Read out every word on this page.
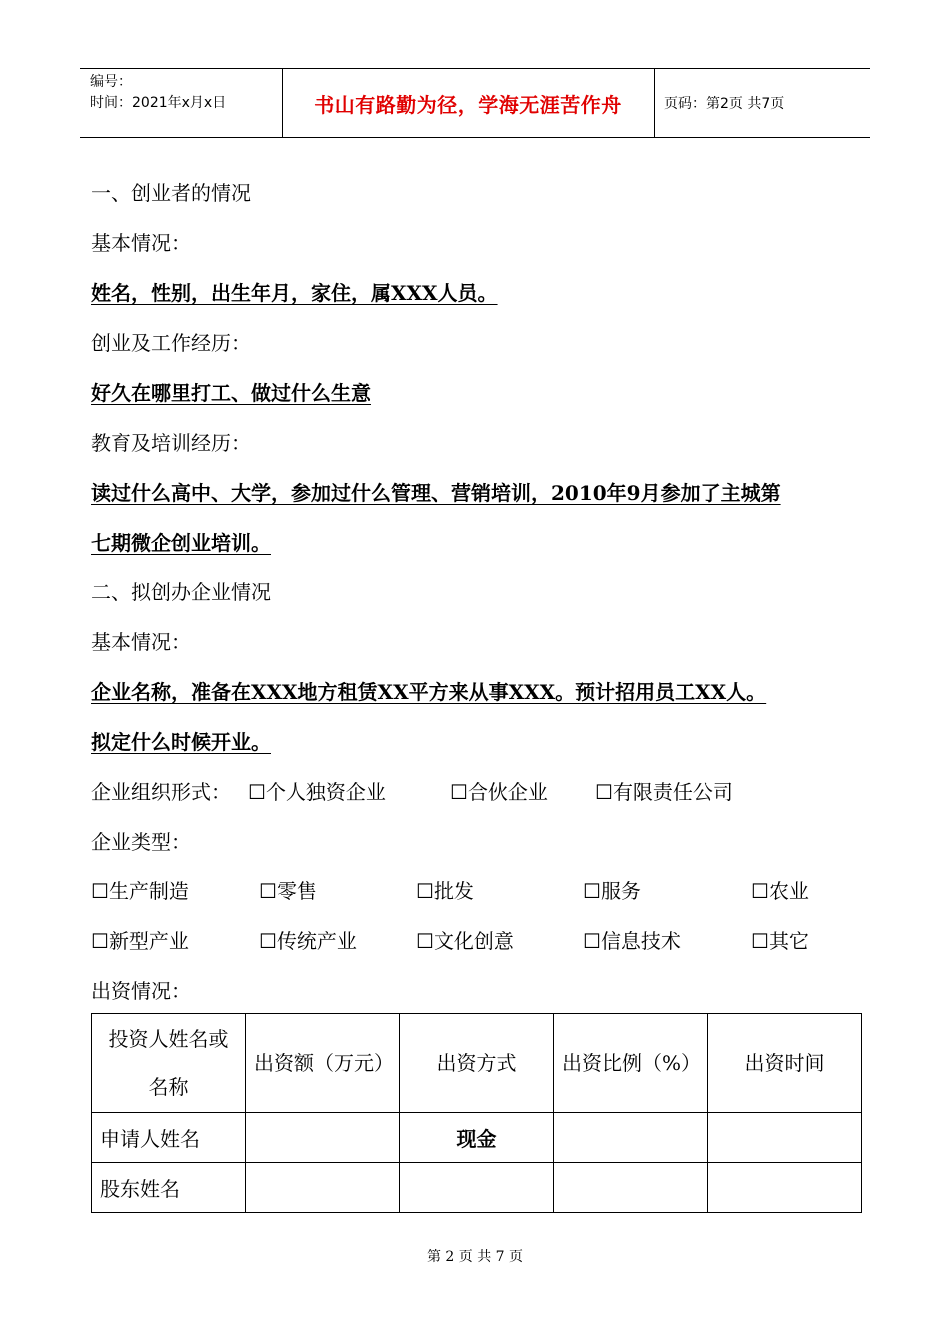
编号：
时间：2021年x月x日	书山有路勤为径，学海无涯苦作舟	页码：第2页 共7页
一、创业者的情况
基本情况：
姓名，性别，出生年月，家住，属XXX人员。
创业及工作经历：
好久在哪里打工、做过什么生意
教育及培训经历：
读过什么高中、大学，参加过什么管理、营销培训，2010年9月参加了主城第
七期微企创业培训。
二、拟创办企业情况
基本情况：
企业名称，准备在XXX地方租赁XX平方来从事XXX。预计招用员工XX人。
拟定什么时候开业。
企业组织形式： ☐个人独资企业	☐合伙企业 ☐有限责任公司
企业类型：
☐生产制造	☐零售	☐批发	☐服务	☐农业
☐新型产业	☐传统产业	☐文化创意	☐信息技术	☐其它
出资情况：
投资人姓名或名称	出资额（万元）	出资方式	出资比例（%）	出资时间
申请人姓名		现金		
股东姓名				
第 2 页 共 7 页
